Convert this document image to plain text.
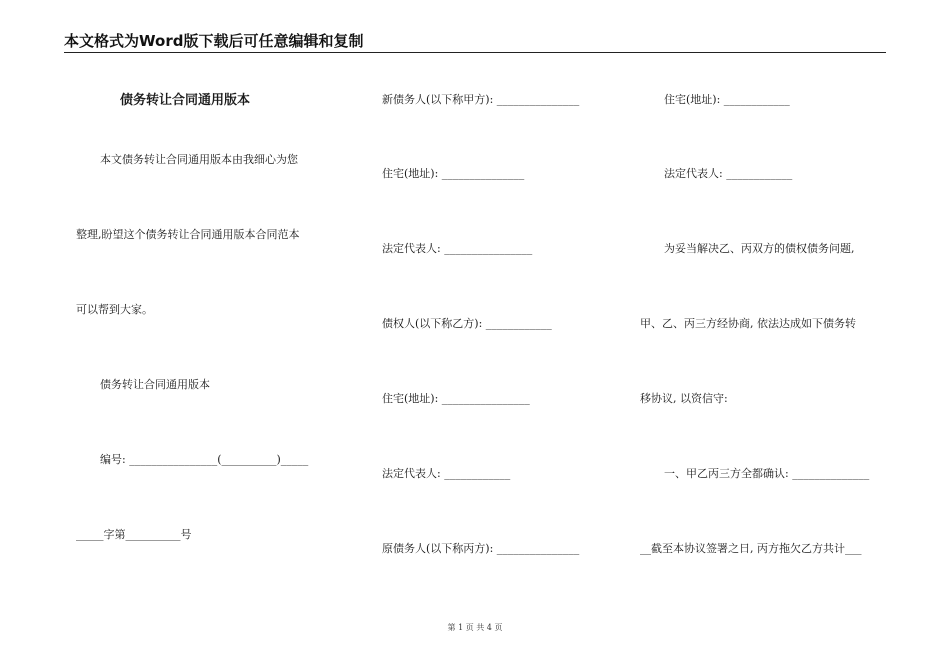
本文格式为Word版下载后可任意编辑和复制
债务转让合同通用版本
本文债务转让合同通用版本由我细心为您
整理,盼望这个债务转让合同通用版本合同范本
可以帮到大家。
债务转让合同通用版本
编号: ________________(__________)_____
_____字第__________号
新债务人(以下称甲方): _______________
住宅(地址): _______________
法定代表人: ________________
债权人(以下称乙方): ____________
住宅(地址): ________________
法定代表人: ____________
原债务人(以下称丙方): _______________
住宅(地址): ____________
法定代表人: ____________
为妥当解决乙、丙双方的债权债务问题,
甲、乙、丙三方经协商, 依法达成如下债务转
移协议, 以资信守:
一、甲乙丙三方全都确认: ______________
__截至本协议签署之日, 丙方拖欠乙方共计___
第 1 页 共 4 页
